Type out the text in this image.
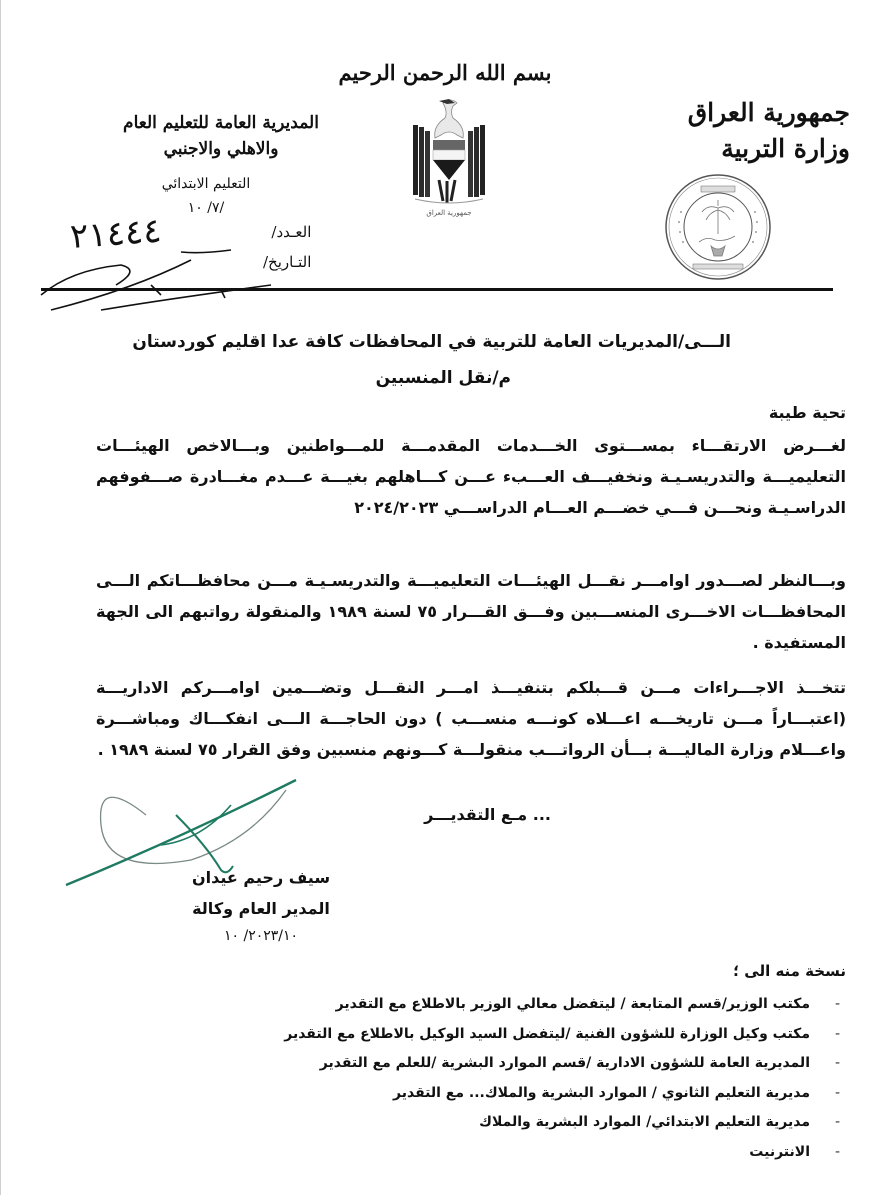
بسم الله الرحمن الرحيم
جمهورية العراق
وزارة التربية
المديرية العامة للتعليم العام
والاهلي والاجنبي
التعليم الابتدائي
/٧/ ١٠
العـدد/
التـاريخ/
جمهورية العراق
٢١٤٤٤
الـــى/المديريات العامة للتربية في المحافظات كافة عدا اقليم كوردستان
م/نقل المنسبين
تحية طيبة
لغـــرض الارتقـــاء بمســـتوى الخـــدمات المقدمـــة للمـــواطنين وبـــالاخص الهيئـــات التعليميـــة والتدريسـيـة ونخفيـــف العـــبء عـــن كـــاهلهم بغيـــة عـــدم مغـــادرة صـــفوفهم الدراسـيـة ونحـــن فـــي خضـــم العـــام الدراســـي ٢٠٢٤/٢٠٢٣
وبـــالنظر لصـــدور اوامـــر نقـــل الهيئـــات التعليميـــة والتدريسـيـة مـــن محافظـــاتكم الـــى المحافظـــات الاخـــرى المنســـبين وفـــق القـــرار ٧٥ لسنة ١٩٨٩ والمنقولة رواتبهم الى الجهة المستفيدة .
تتخـــذ الاجـــراءات مـــن قـــبلكم بتنفيـــذ امـــر النقـــل وتضـــمين اوامـــركم الاداريـــة (اعتبـــاراً مـــن تاريخـــه اعـــلاه كونـــه منســـب ) دون الحاجـــة الـــى انفكـــاك ومباشـــرة واعـــلام وزارة الماليـــة بـــأن الرواتـــب منقولـــة كـــونهم منسبين وفق القرار ٧٥ لسنة ١٩٨٩ .
... مـع التقديـــر
سيف رحيم عيدان
المدير العام وكالة
٢٠٢٣/١٠/ ١٠
نسخة منه الى ؛
-
مكتب الوزير/قسم المتابعة / ليتفضل معالي الوزير بالاطلاع مع التقدير
-
مكتب وكيل الوزارة للشؤون الفنية /ليتفضل السيد الوكيل بالاطلاع مع التقدير
-
المديرية العامة للشؤون الادارية /قسم الموارد البشرية /للعلم مع التقدير
-
مديرية التعليم الثانوي / الموارد البشرية والملاك... مع التقدير
-
مديرية التعليم الابتدائي/ الموارد البشرية والملاك
-
الانترنيت
